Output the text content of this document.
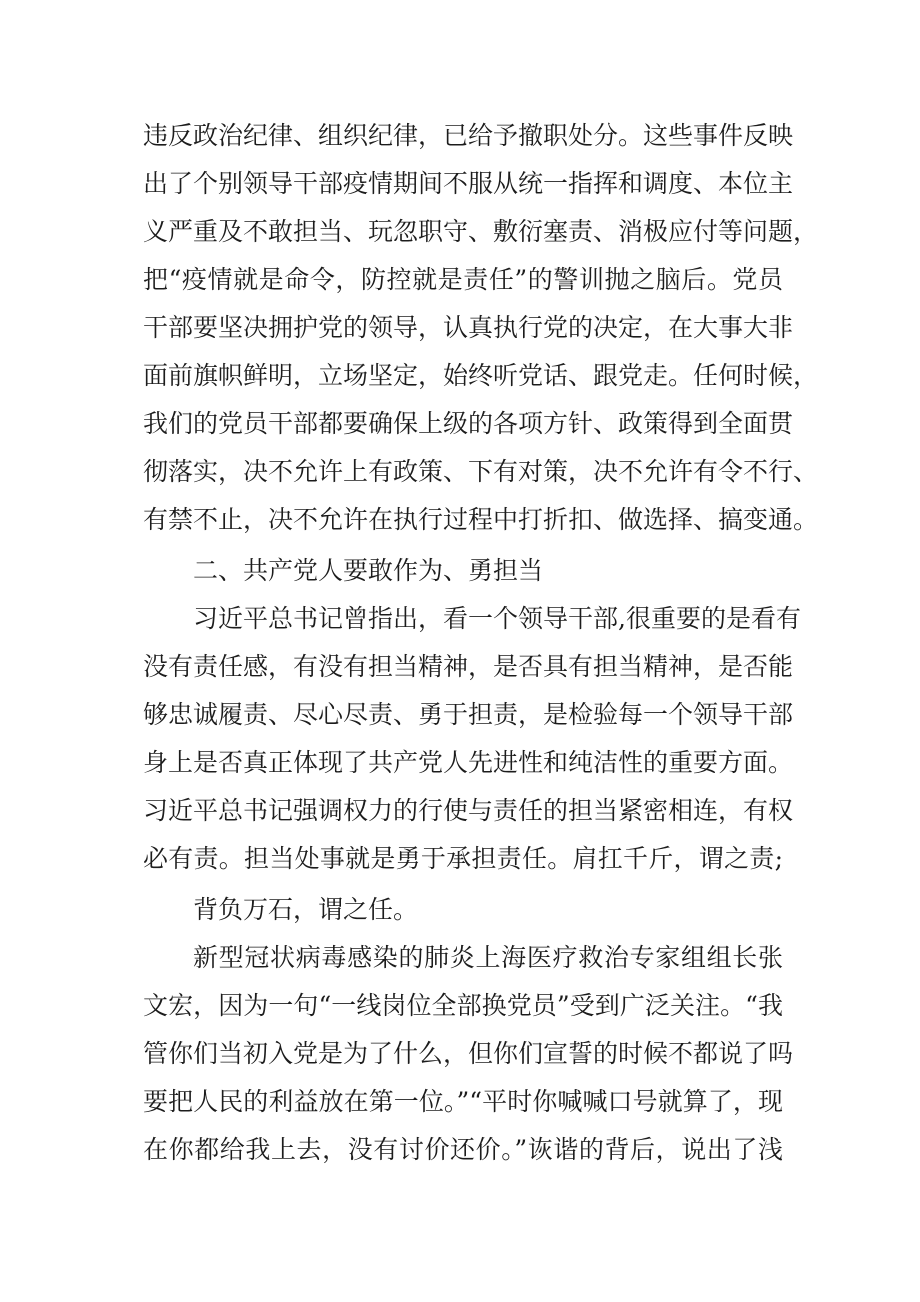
违反政治纪律、组织纪律，已给予撤职处分。这些事件反映
出了个别领导干部疫情期间不服从统一指挥和调度、本位主
义严重及不敢担当、玩忽职守、敷衍塞责、消极应付等问题，
把“疫情就是命令，防控就是责任”的警训抛之脑后。党员
干部要坚决拥护党的领导，认真执行党的决定，在大事大非
面前旗帜鲜明，立场坚定，始终听党话、跟党走。任何时候，
我们的党员干部都要确保上级的各项方针、政策得到全面贯
彻落实，决不允许上有政策、下有对策，决不允许有令不行、
有禁不止，决不允许在执行过程中打折扣、做选择、搞变通。
二、共产党人要敢作为、勇担当
习近平总书记曾指出，看一个领导干部,很重要的是看有
没有责任感，有没有担当精神，是否具有担当精神，是否能
够忠诚履责、尽心尽责、勇于担责，是检验每一个领导干部
身上是否真正体现了共产党人先进性和纯洁性的重要方面。
习近平总书记强调权力的行使与责任的担当紧密相连，有权
必有责。担当处事就是勇于承担责任。肩扛千斤，谓之责;
背负万石，谓之任。
新型冠状病毒感染的肺炎上海医疗救治专家组组长张
文宏，因为一句“一线岗位全部换党员”受到广泛关注。“我
管你们当初入党是为了什么，但你们宣誓的时候不都说了吗
要把人民的利益放在第一位。”“平时你喊喊口号就算了，现
在你都给我上去，没有讨价还价。”诙谐的背后，说出了浅
